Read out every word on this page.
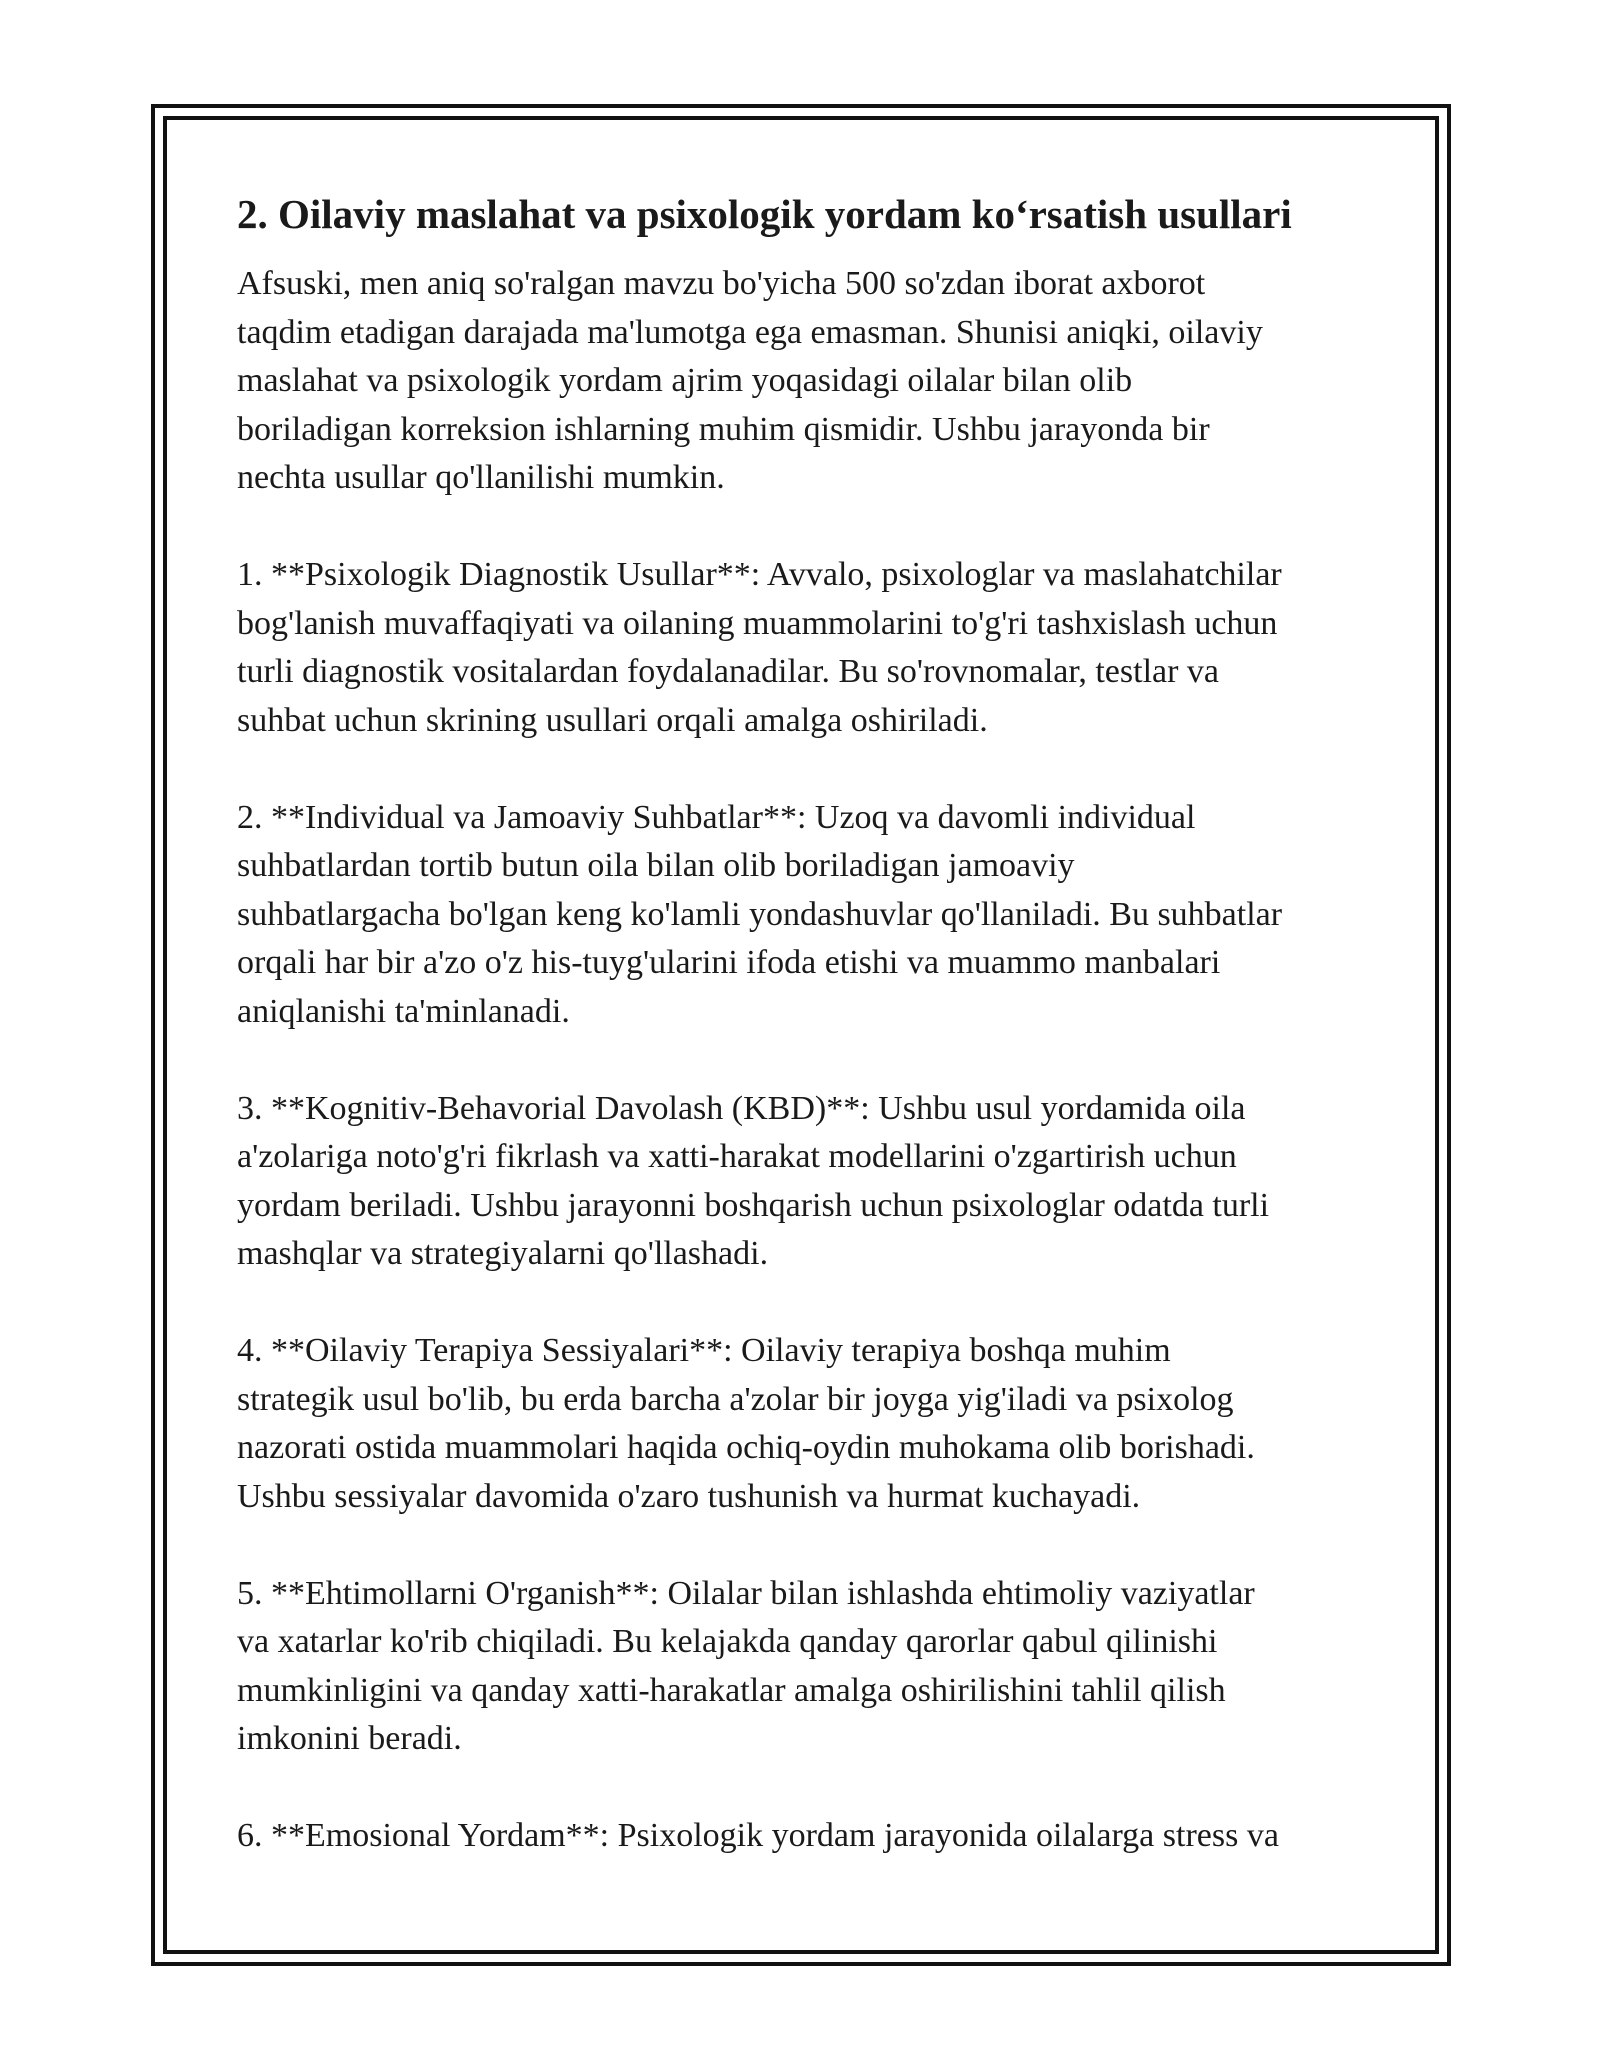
2. Oilaviy maslahat va psixologik yordam koʻrsatish usullari
Afsuski, men aniq so'ralgan mavzu bo'yicha 500 so'zdan iborat axborot
taqdim etadigan darajada ma'lumotga ega emasman. Shunisi aniqki, oilaviy
maslahat va psixologik yordam ajrim yoqasidagi oilalar bilan olib
boriladigan korreksion ishlarning muhim qismidir. Ushbu jarayonda bir
nechta usullar qo'llanilishi mumkin.
1. **Psixologik Diagnostik Usullar**: Avvalo, psixologlar va maslahatchilar
bog'lanish muvaffaqiyati va oilaning muammolarini to'g'ri tashxislash uchun
turli diagnostik vositalardan foydalanadilar. Bu so'rovnomalar, testlar va
suhbat uchun skrining usullari orqali amalga oshiriladi.
2. **Individual va Jamoaviy Suhbatlar**: Uzoq va davomli individual
suhbatlardan tortib butun oila bilan olib boriladigan jamoaviy
suhbatlargacha bo'lgan keng ko'lamli yondashuvlar qo'llaniladi. Bu suhbatlar
orqali har bir a'zo o'z his-tuyg'ularini ifoda etishi va muammo manbalari
aniqlanishi ta'minlanadi.
3. **Kognitiv-Behavorial Davolash (KBD)**: Ushbu usul yordamida oila
a'zolariga noto'g'ri fikrlash va xatti-harakat modellarini o'zgartirish uchun
yordam beriladi. Ushbu jarayonni boshqarish uchun psixologlar odatda turli
mashqlar va strategiyalarni qo'llashadi.
4. **Oilaviy Terapiya Sessiyalari**: Oilaviy terapiya boshqa muhim
strategik usul bo'lib, bu erda barcha a'zolar bir joyga yig'iladi va psixolog
nazorati ostida muammolari haqida ochiq-oydin muhokama olib borishadi.
Ushbu sessiyalar davomida o'zaro tushunish va hurmat kuchayadi.
5. **Ehtimollarni O'rganish**: Oilalar bilan ishlashda ehtimoliy vaziyatlar
va xatarlar ko'rib chiqiladi. Bu kelajakda qanday qarorlar qabul qilinishi
mumkinligini va qanday xatti-harakatlar amalga oshirilishini tahlil qilish
imkonini beradi.
6. **Emosional Yordam**: Psixologik yordam jarayonida oilalarga stress va
